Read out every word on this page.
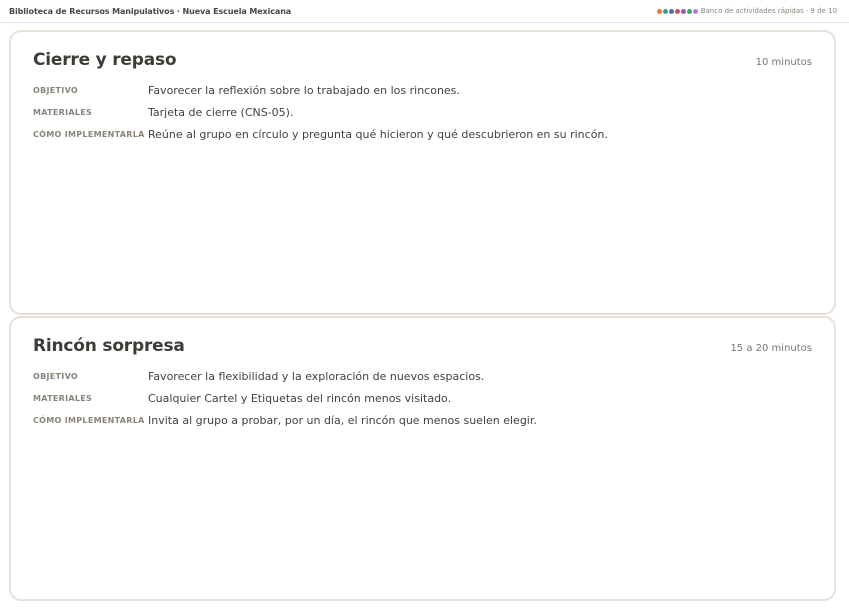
Biblioteca de Recursos Manipulativos · Nueva Escuela Mexicana	Banco de actividades rápidas · 9 de 10
Cierre y repaso	10 minutos
OBJETIVO	Favorecer la reflexión sobre lo trabajado en los rincones.
MATERIALES	Tarjeta de cierre (CNS-05).
CÓMO IMPLEMENTARLA Reúne al grupo en círculo y pregunta qué hicieron y qué descubrieron en su rincón.
Rincón sorpresa	15 a 20 minutos
OBJETIVO	Favorecer la flexibilidad y la exploración de nuevos espacios.
MATERIALES	Cualquier Cartel y Etiquetas del rincón menos visitado.
CÓMO IMPLEMENTARLA Invita al grupo a probar, por un día, el rincón que menos suelen elegir.
